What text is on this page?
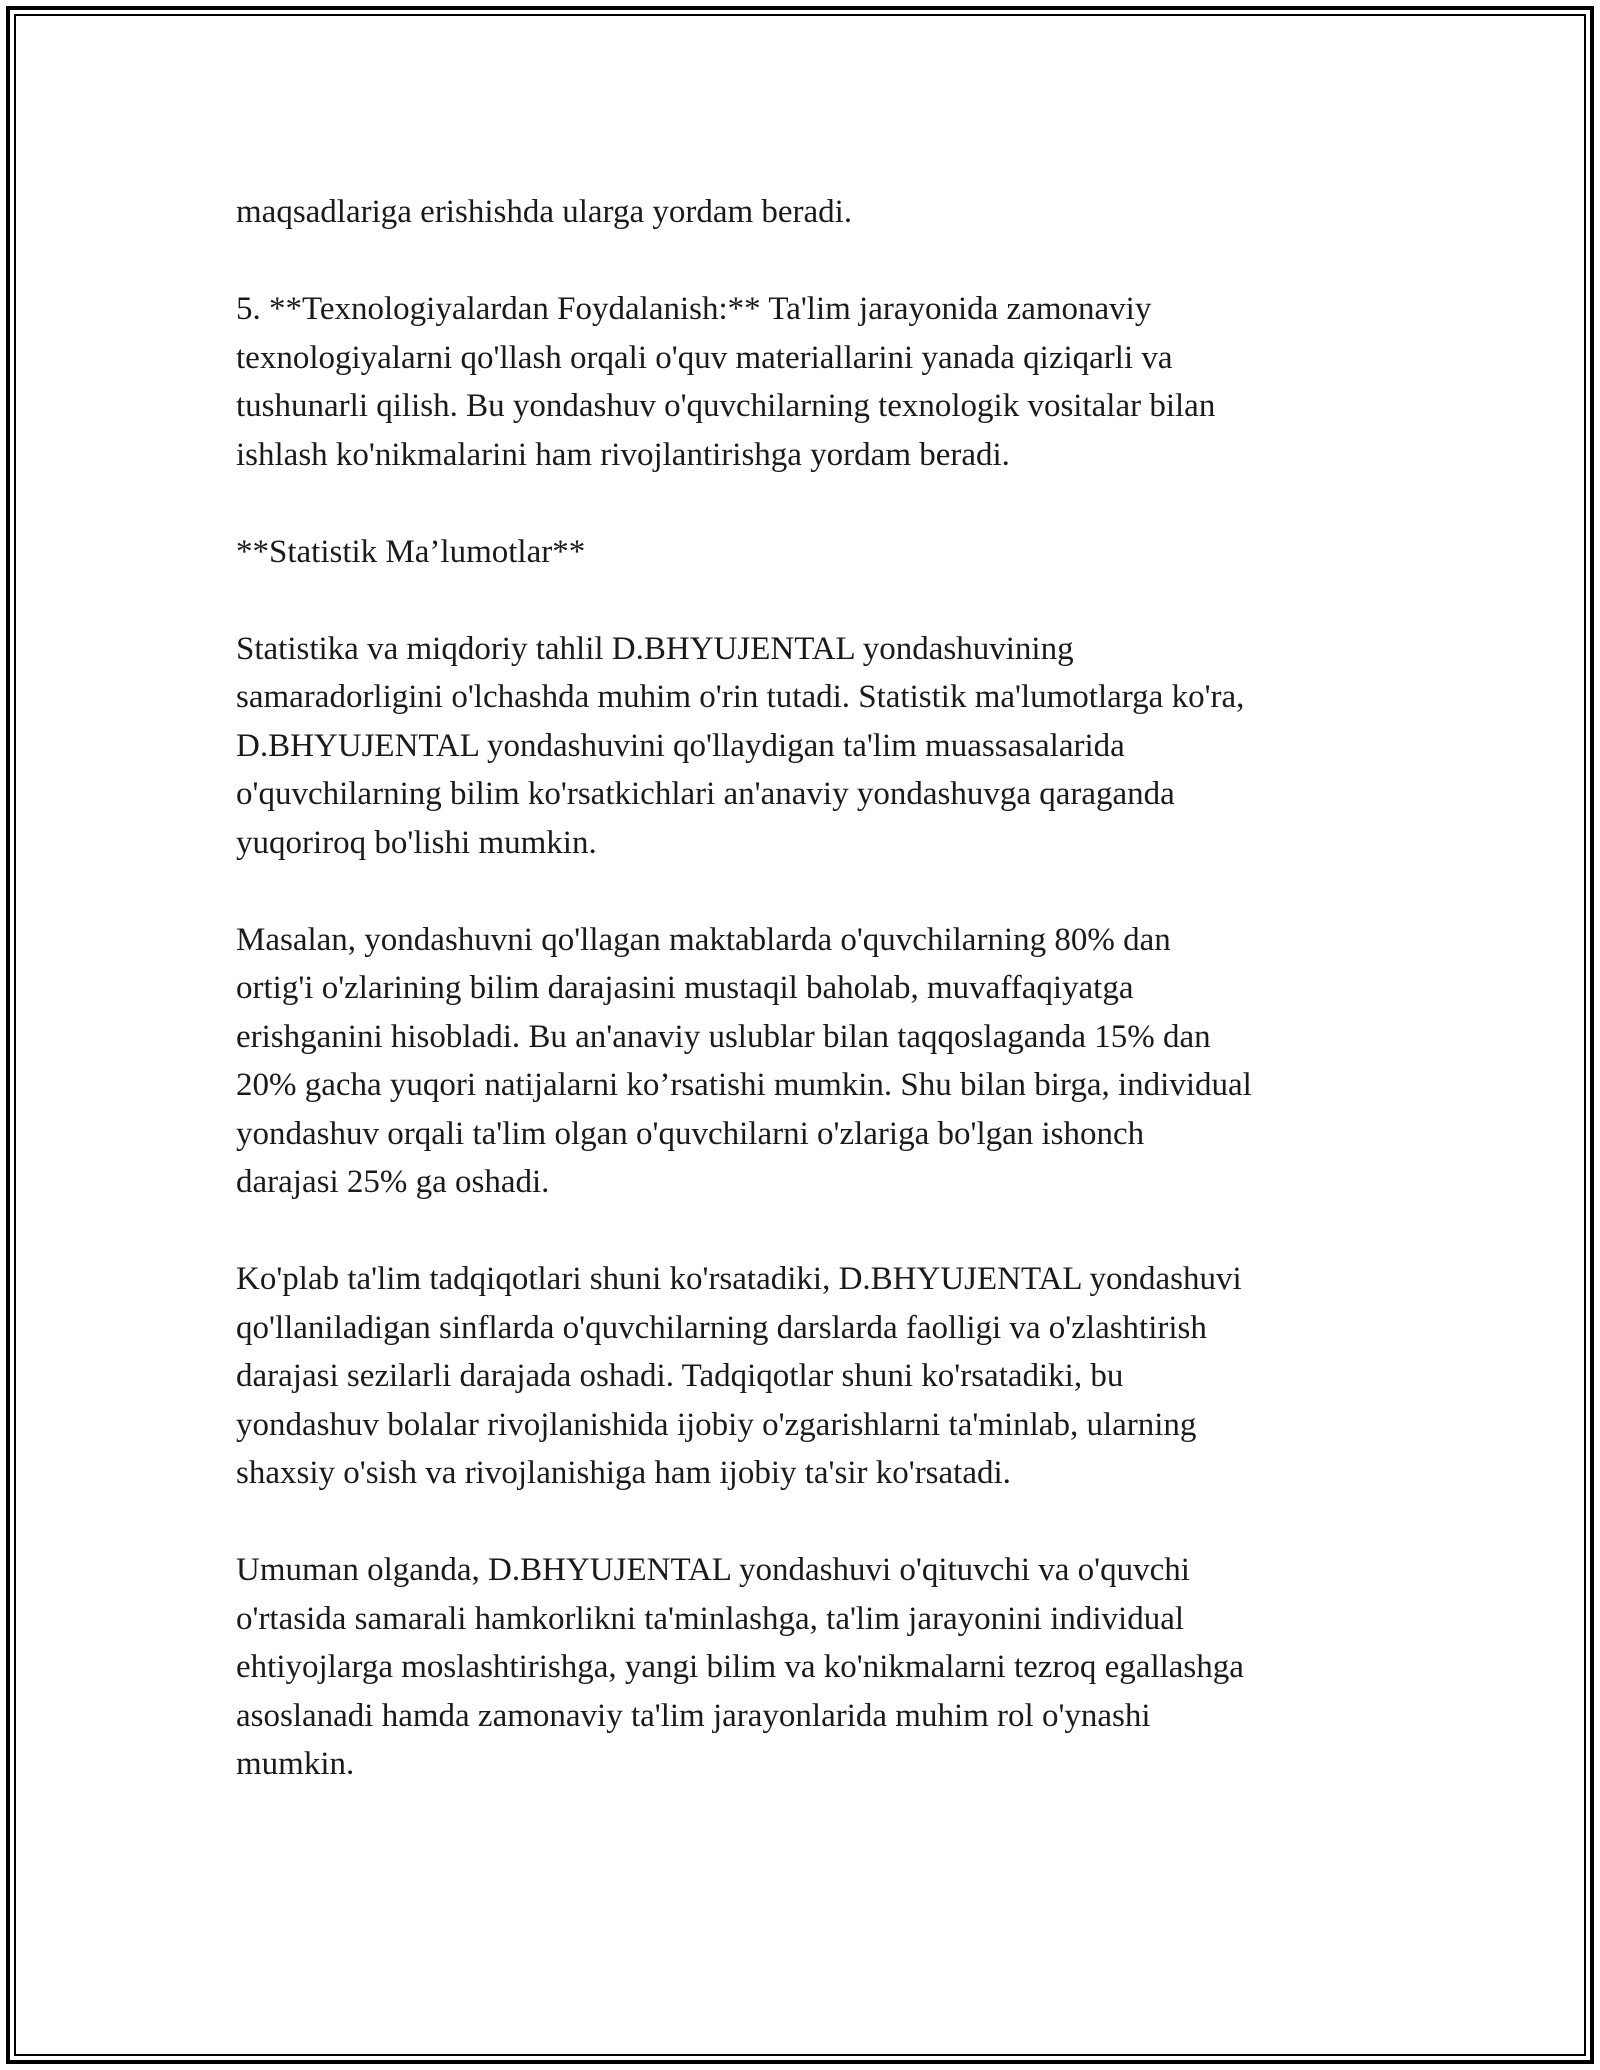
maqsadlariga erishishda ularga yordam beradi.

5. **Texnologiyalardan Foydalanish:** Ta'lim jarayonida zamonaviy
texnologiyalarni qo'llash orqali o'quv materiallarini yanada qiziqarli va
tushunarli qilish. Bu yondashuv o'quvchilarning texnologik vositalar bilan
ishlash ko'nikmalarini ham rivojlantirishga yordam beradi.

**Statistik Ma’lumotlar**

Statistika va miqdoriy tahlil D.BHYUJENTAL yondashuvining
samaradorligini o'lchashda muhim o'rin tutadi. Statistik ma'lumotlarga ko'ra,
D.BHYUJENTAL yondashuvini qo'llaydigan ta'lim muassasalarida
o'quvchilarning bilim ko'rsatkichlari an'anaviy yondashuvga qaraganda
yuqoriroq bo'lishi mumkin.

Masalan, yondashuvni qo'llagan maktablarda o'quvchilarning 80% dan
ortig'i o'zlarining bilim darajasini mustaqil baholab, muvaffaqiyatga
erishganini hisobladi. Bu an'anaviy uslublar bilan taqqoslaganda 15% dan
20% gacha yuqori natijalarni ko’rsatishi mumkin. Shu bilan birga, individual
yondashuv orqali ta'lim olgan o'quvchilarni o'zlariga bo'lgan ishonch
darajasi 25% ga oshadi.

Ko'plab ta'lim tadqiqotlari shuni ko'rsatadiki, D.BHYUJENTAL yondashuvi
qo'llaniladigan sinflarda o'quvchilarning darslarda faolligi va o'zlashtirish
darajasi sezilarli darajada oshadi. Tadqiqotlar shuni ko'rsatadiki, bu
yondashuv bolalar rivojlanishida ijobiy o'zgarishlarni ta'minlab, ularning
shaxsiy o'sish va rivojlanishiga ham ijobiy ta'sir ko'rsatadi.

Umuman olganda, D.BHYUJENTAL yondashuvi o'qituvchi va o'quvchi
o'rtasida samarali hamkorlikni ta'minlashga, ta'lim jarayonini individual
ehtiyojlarga moslashtirishga, yangi bilim va ko'nikmalarni tezroq egallashga
asoslanadi hamda zamonaviy ta'lim jarayonlarida muhim rol o'ynashi
mumkin.
